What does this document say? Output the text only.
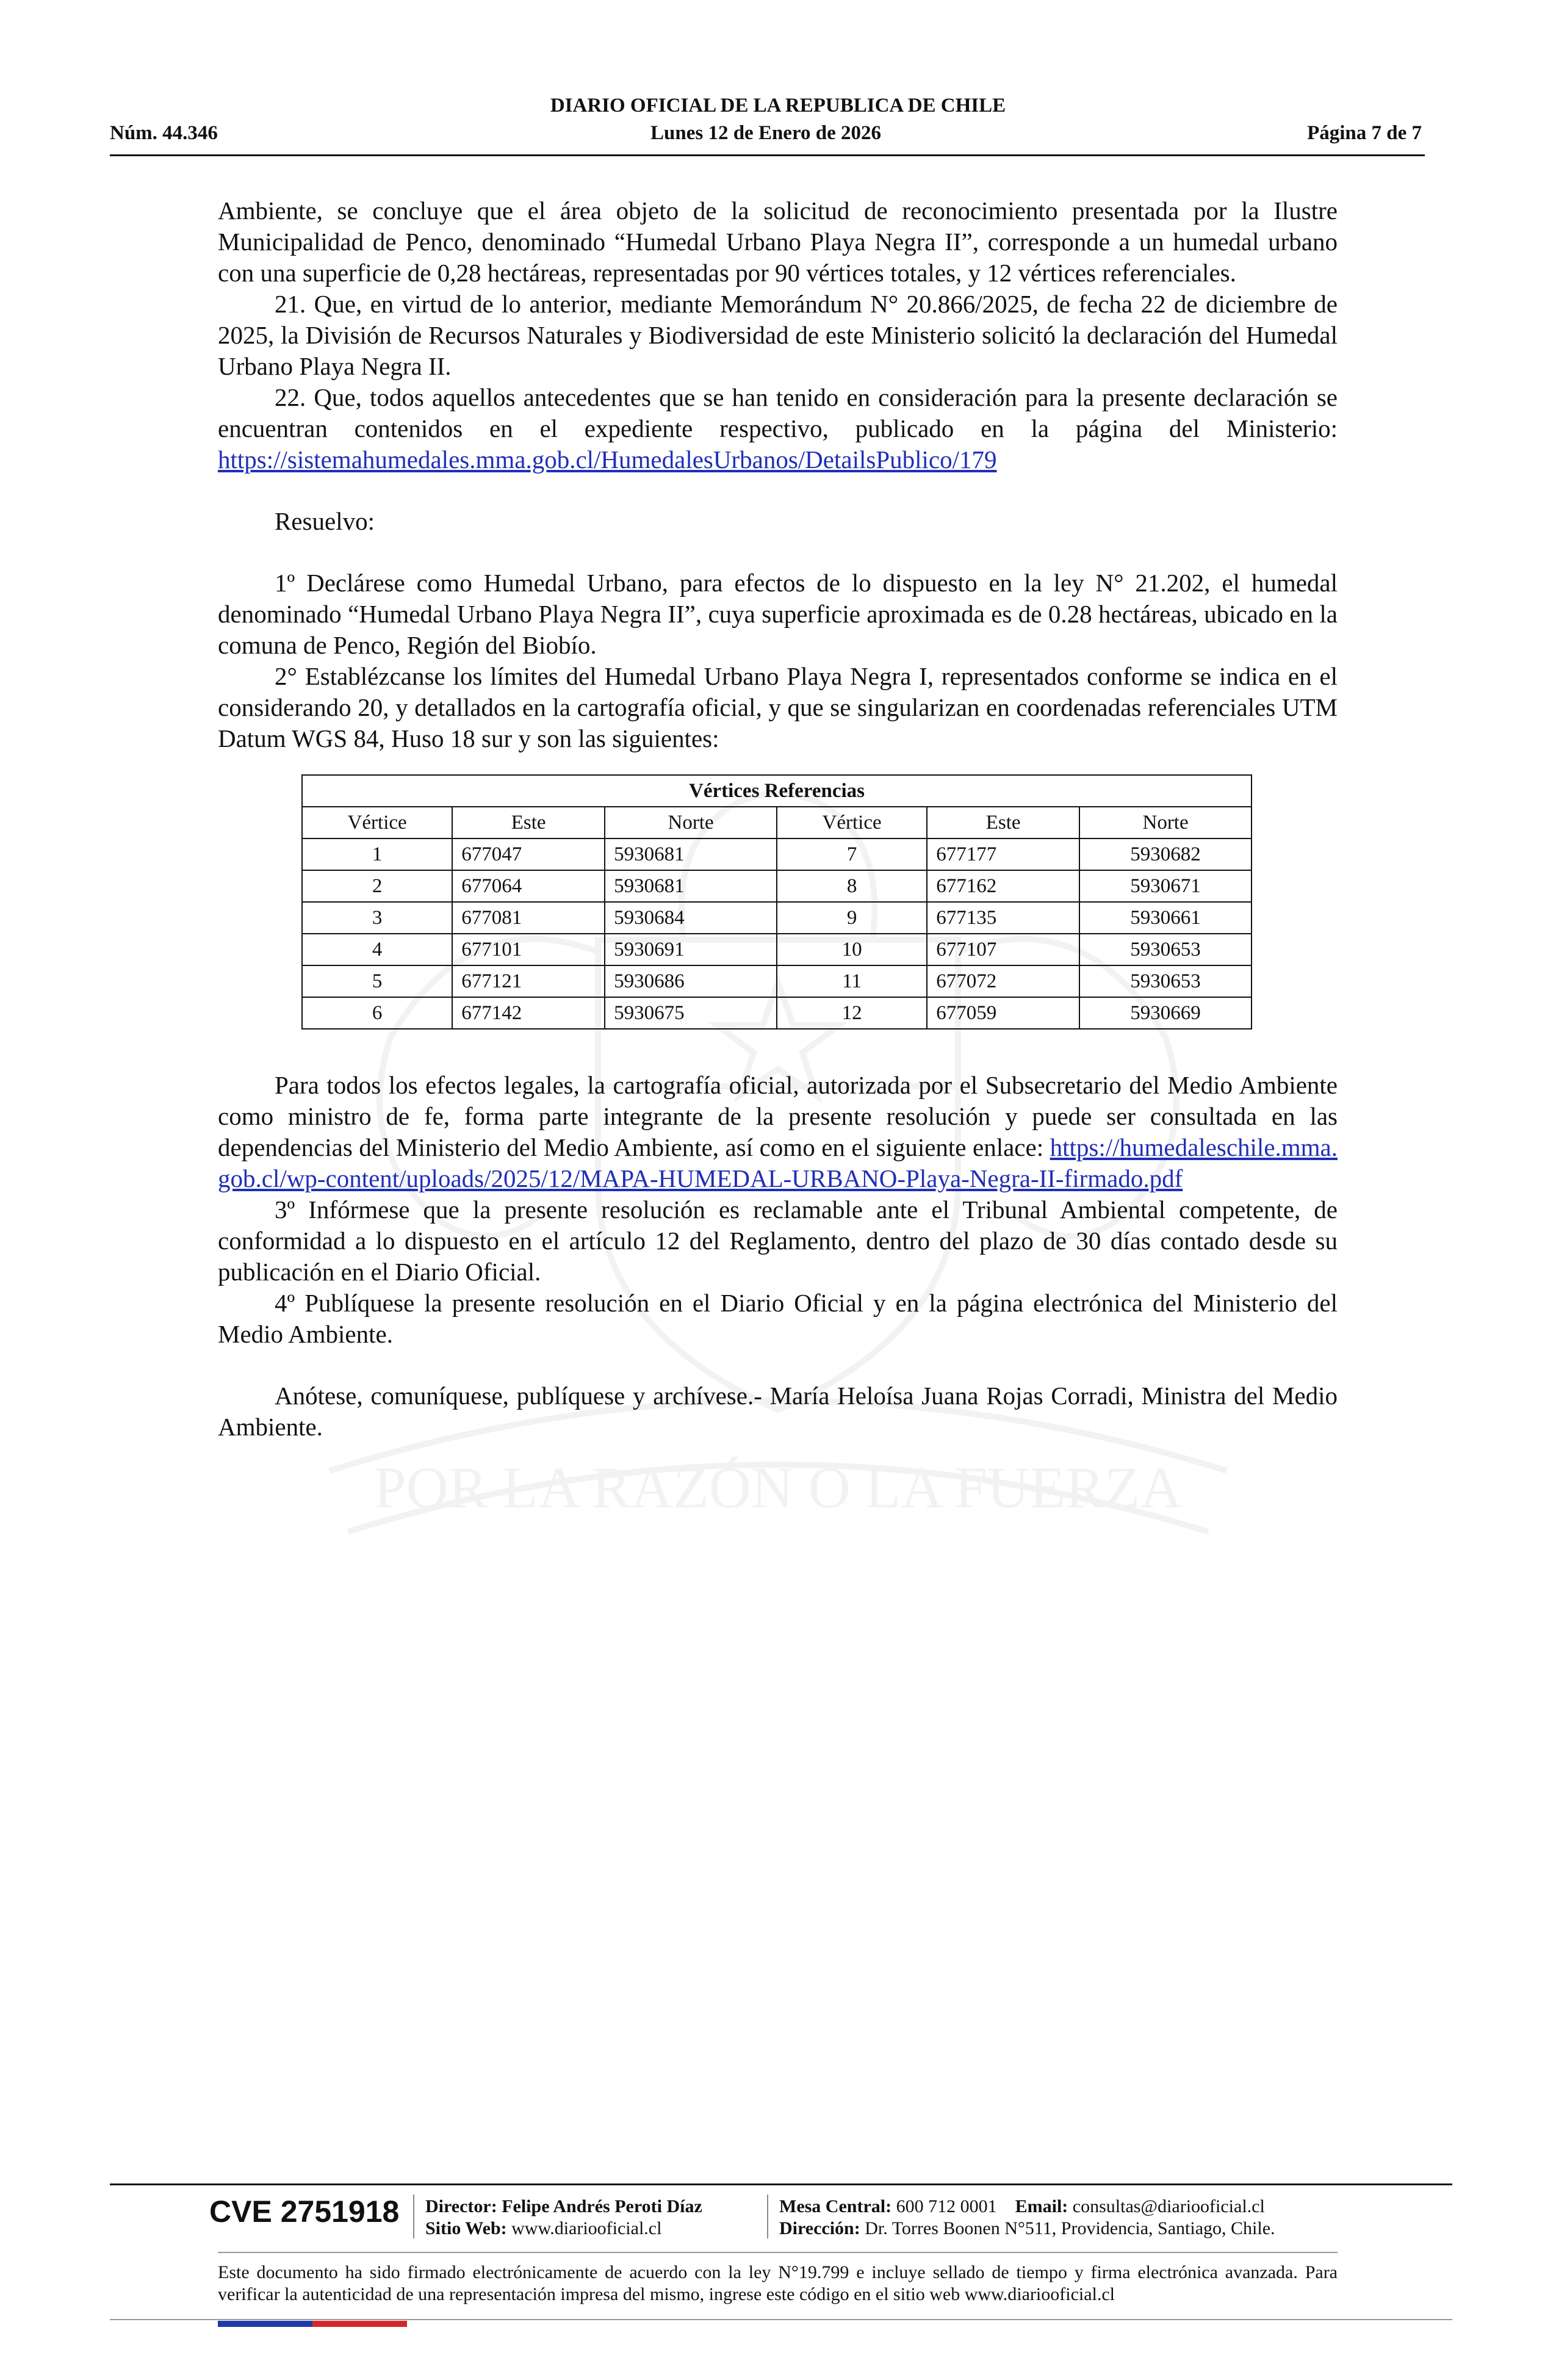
POR LA RAZÓN O LA FUERZA
DIARIO OFICIAL DE LA REPUBLICA DE CHILE
Núm. 44.346	Lunes 12 de Enero de 2026	Página 7 de 7

Ambiente, se concluye que el área objeto de la solicitud de reconocimiento presentada por la Ilustre Municipalidad de Penco, denominado “Humedal Urbano Playa Negra II”, corresponde a un humedal urbano con una superficie de 0,28 hectáreas, representadas por 90 vértices totales, y 12 vértices referenciales.

21. Que, en virtud de lo anterior, mediante Memorándum N° 20.866/2025, de fecha 22 de diciembre de 2025, la División de Recursos Naturales y Biodiversidad de este Ministerio solicitó la declaración del Humedal Urbano Playa Negra II.

22. Que, todos aquellos antecedentes que se han tenido en consideración para la presente declaración se encuentran contenidos en el expediente respectivo, publicado en la página del Ministerio: https://sistemahumedales.mma.gob.cl/HumedalesUrbanos/DetailsPublico/179

Resuelvo:

1º Declárese como Humedal Urbano, para efectos de lo dispuesto en la ley N° 21.202, el humedal denominado “Humedal Urbano Playa Negra II”, cuya superficie aproximada es de 0.28 hectáreas, ubicado en la comuna de Penco, Región del Biobío.

2° Establézcanse los límites del Humedal Urbano Playa Negra I, representados conforme se indica en el considerando 20, y detallados en la cartografía oficial, y que se singularizan en coordenadas referenciales UTM Datum WGS 84, Huso 18 sur y son las siguientes:

Vértices Referencias					
Vértice	Este	Norte	Vértice	Este	Norte
1	677047	5930681	7	677177	5930682
2	677064	5930681	8	677162	5930671
3	677081	5930684	9	677135	5930661
4	677101	5930691	10	677107	5930653
5	677121	5930686	11	677072	5930653
6	677142	5930675	12	677059	5930669

Para todos los efectos legales, la cartografía oficial, autorizada por el Subsecretario del Medio Ambiente como ministro de fe, forma parte integrante de la presente resolución y puede ser consultada en las dependencias del Ministerio del Medio Ambiente, así como en el siguiente enlace: https://humedaleschile.mma.gob.cl/wp-content/uploads/2025/12/MAPA-HUMEDAL-URBANO-Playa-Negra-II-firmado.pdf

3º Infórmese que la presente resolución es reclamable ante el Tribunal Ambiental competente, de conformidad a lo dispuesto en el artículo 12 del Reglamento, dentro del plazo de 30 días contado desde su publicación en el Diario Oficial.

4º Publíquese la presente resolución en el Diario Oficial y en la página electrónica del Ministerio del Medio Ambiente.

Anótese, comuníquese, publíquese y archívese.- María Heloísa Juana Rojas Corradi, Ministra del Medio Ambiente.

CVE 2751918 Director: Felipe Andrés Peroti Díaz
Sitio Web: www.diariooficial.cl
Mesa Central: 600 712 0001 Email: consultas@diariooficial.cl
Dirección: Dr. Torres Boonen N°511, Providencia, Santiago, Chile.
Este documento ha sido firmado electrónicamente de acuerdo con la ley N°19.799 e incluye sellado de tiempo y firma electrónica avanzada. Para verificar la autenticidad de una representación impresa del mismo, ingrese este código en el sitio web www.diariooficial.cl
